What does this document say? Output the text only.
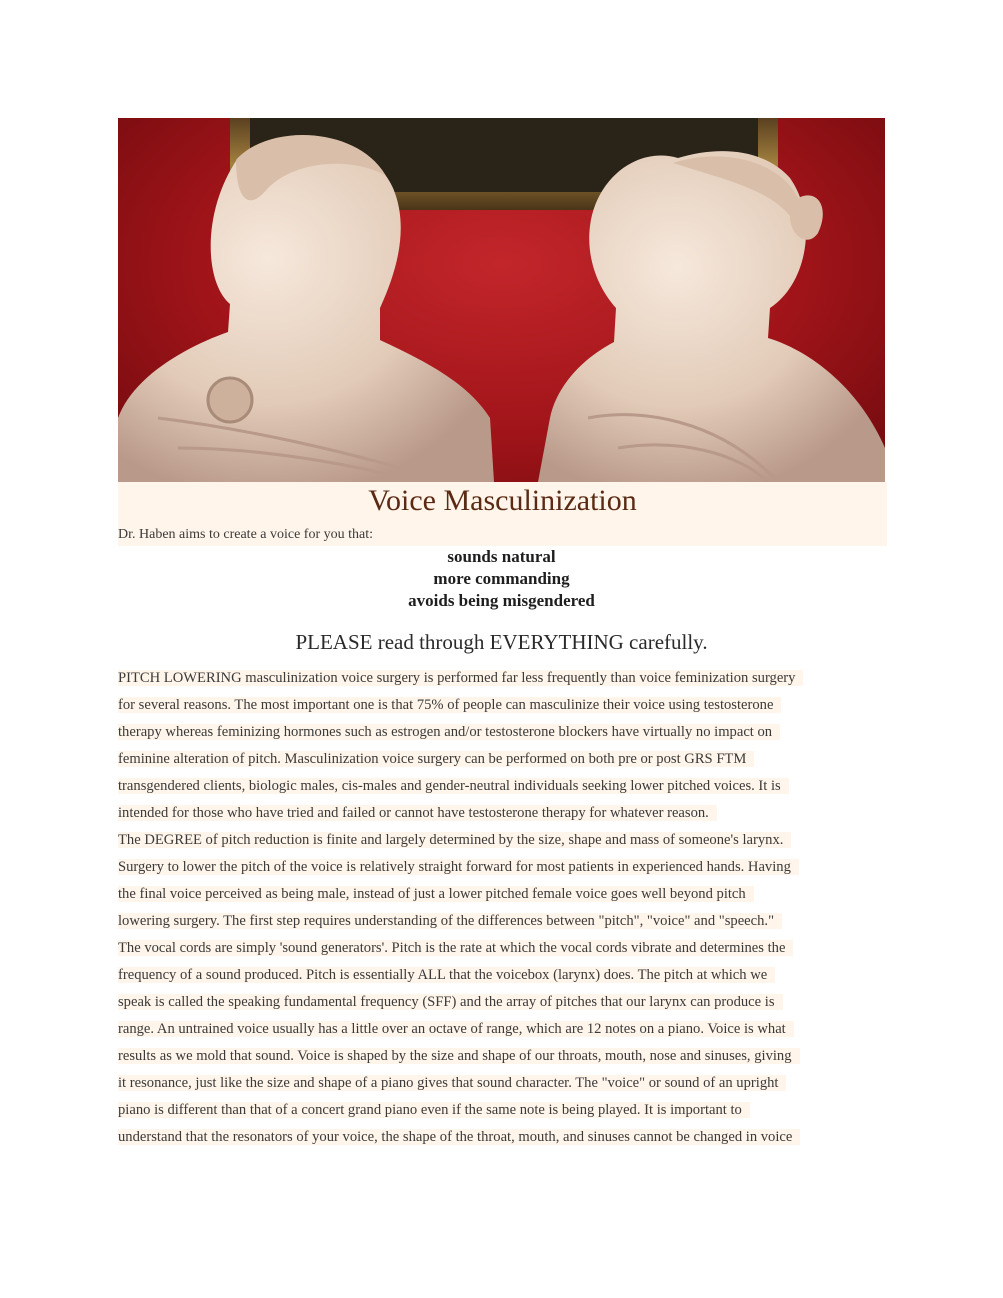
Voice Masculinization
Dr. Haben aims to create a voice for you that:
sounds natural
more commanding
avoids being misgendered
PLEASE read through EVERYTHING carefully.
PITCH LOWERING masculinization voice surgery is performed far less frequently than voice feminization surgery
for several reasons. The most important one is that 75% of people can masculinize their voice using testosterone
therapy whereas feminizing hormones such as estrogen and/or testosterone blockers have virtually no impact on
feminine alteration of pitch. Masculinization voice surgery can be performed on both pre or post GRS FTM
transgendered clients, biologic males, cis-males and gender-neutral individuals seeking lower pitched voices. It is
intended for those who have tried and failed or cannot have testosterone therapy for whatever reason.
The DEGREE of pitch reduction is finite and largely determined by the size, shape and mass of someone's larynx.
Surgery to lower the pitch of the voice is relatively straight forward for most patients in experienced hands. Having
the final voice perceived as being male, instead of just a lower pitched female voice goes well beyond pitch
lowering surgery. The first step requires understanding of the differences between "pitch", "voice" and "speech."
The vocal cords are simply 'sound generators'. Pitch is the rate at which the vocal cords vibrate and determines the
frequency of a sound produced. Pitch is essentially ALL that the voicebox (larynx) does. The pitch at which we
speak is called the speaking fundamental frequency (SFF) and the array of pitches that our larynx can produce is
range. An untrained voice usually has a little over an octave of range, which are 12 notes on a piano. Voice is what
results as we mold that sound. Voice is shaped by the size and shape of our throats, mouth, nose and sinuses, giving
it resonance, just like the size and shape of a piano gives that sound character. The "voice" or sound of an upright
piano is different than that of a concert grand piano even if the same note is being played. It is important to
understand that the resonators of your voice, the shape of the throat, mouth, and sinuses cannot be changed in voice
